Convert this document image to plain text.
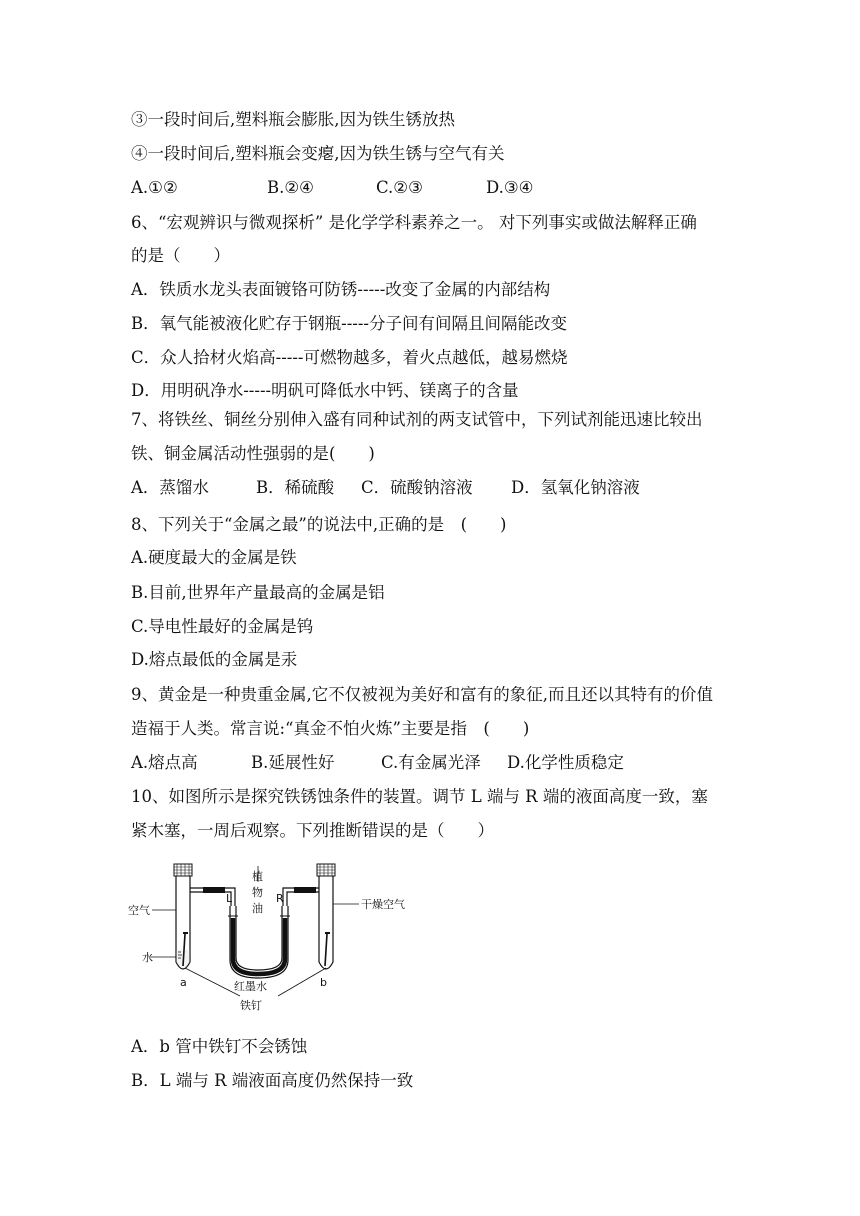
③一段时间后,塑料瓶会膨胀,因为铁生锈放热
④一段时间后,塑料瓶会变瘪,因为铁生锈与空气有关
A.①②	B.②④	C.②③	D.③④
6、“宏观辨识与微观探析” 是化学学科素养之一。 对下列事实或做法解释正确
的是（　　）
A．铁质水龙头表面镀铬可防锈-----改变了金属的内部结构
B．氧气能被液化贮存于钢瓶-----分子间有间隔且间隔能改变
C．众人拾材火焰高-----可燃物越多，着火点越低，越易燃烧
D．用明矾净水-----明矾可降低水中钙、镁离子的含量
7、将铁丝、铜丝分别伸入盛有同种试剂的两支试管中，下列试剂能迅速比较出
铁、铜金属活动性强弱的是(　　)
A．蒸馏水	B．稀硫酸 C．硫酸钠溶液 D．氢氧化钠溶液
8、下列关于“金属之最”的说法中,正确的是　(　　)
A.硬度最大的金属是铁
B.目前,世界年产量最高的金属是铝
C.导电性最好的金属是钨
D.熔点最低的金属是汞
9、黄金是一种贵重金属,它不仅被视为美好和富有的象征,而且还以其特有的价值
造福于人类。常言说:“真金不怕火炼”主要是指　(　　)
A.熔点高	B.延展性好	C.有金属光泽 D.化学性质稳定
10、如图所示是探究铁锈蚀条件的装置。调节 L 端与 R 端的液面高度一致，塞
紧木塞，一周后观察。下列推断错误的是（　　）
空气
水
植
物
油
L	R	干燥空气
红墨水
铁钉
a	b
A．b 管中铁钉不会锈蚀
B．L 端与 R 端液面高度仍然保持一致
